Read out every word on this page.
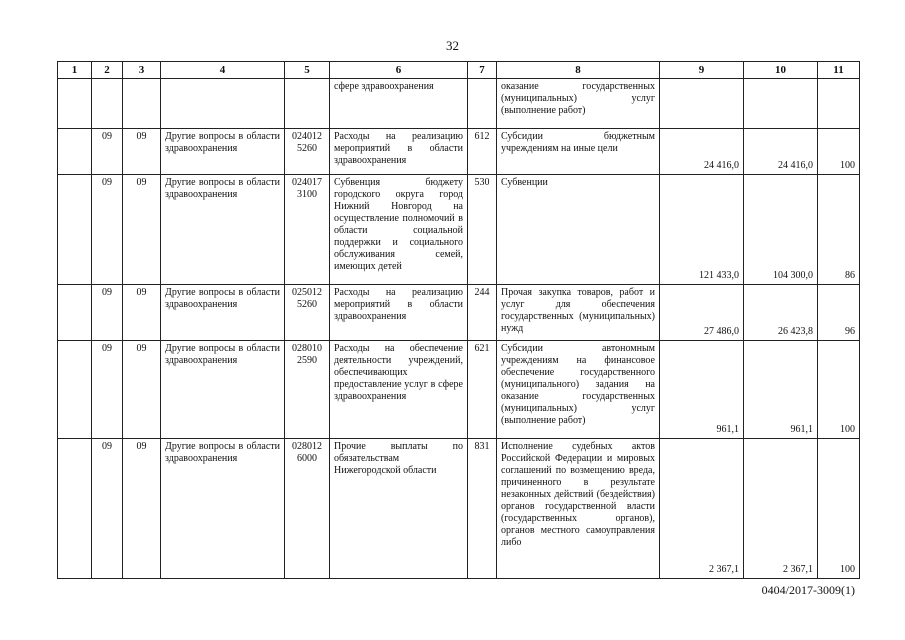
32
1	2	3	4	5	6	7	8	9	10	11
					сфере здравоохранения		оказание государственных (муниципальных) услуг (выполнение работ)			
	09	09	Другие вопросы в области здравоохранения	024012 5260	Расходы на реализацию мероприятий в области здравоохранения	612	Субсидии бюджетным учреждениям на иные цели	24 416,0	24 416,0	100
	09	09	Другие вопросы в области здравоохранения	024017 3100	Субвенция бюджету городского округа город Нижний Новгород на осуществление полномочий в области социальной поддержки и социального обслуживания семей, имеющих детей	530	Субвенции	121 433,0	104 300,0	86
	09	09	Другие вопросы в области здравоохранения	025012 5260	Расходы на реализацию мероприятий в области здравоохранения	244	Прочая закупка товаров, работ и услуг для обеспечения государственных (муниципальных) нужд	27 486,0	26 423,8	96
	09	09	Другие вопросы в области здравоохранения	028010 2590	Расходы на обеспечение деятельности учреждений, обеспечивающих предоставление услуг в сфере здравоохранения	621	Субсидии автономным учреждениям на финансовое обеспечение государственного (муниципального) задания на оказание государственных (муниципальных) услуг (выполнение работ)	961,1	961,1	100
	09	09	Другие вопросы в области здравоохранения	028012 6000	Прочие выплаты по обязательствам Нижегородской области	831	Исполнение судебных актов Российской Федерации и мировых соглашений по возмещению вреда, причиненного в результате незаконных действий (бездействия) органов государственной власти (государственных органов), органов местного самоуправления либо	2 367,1	2 367,1	100
0404/2017-3009(1)
